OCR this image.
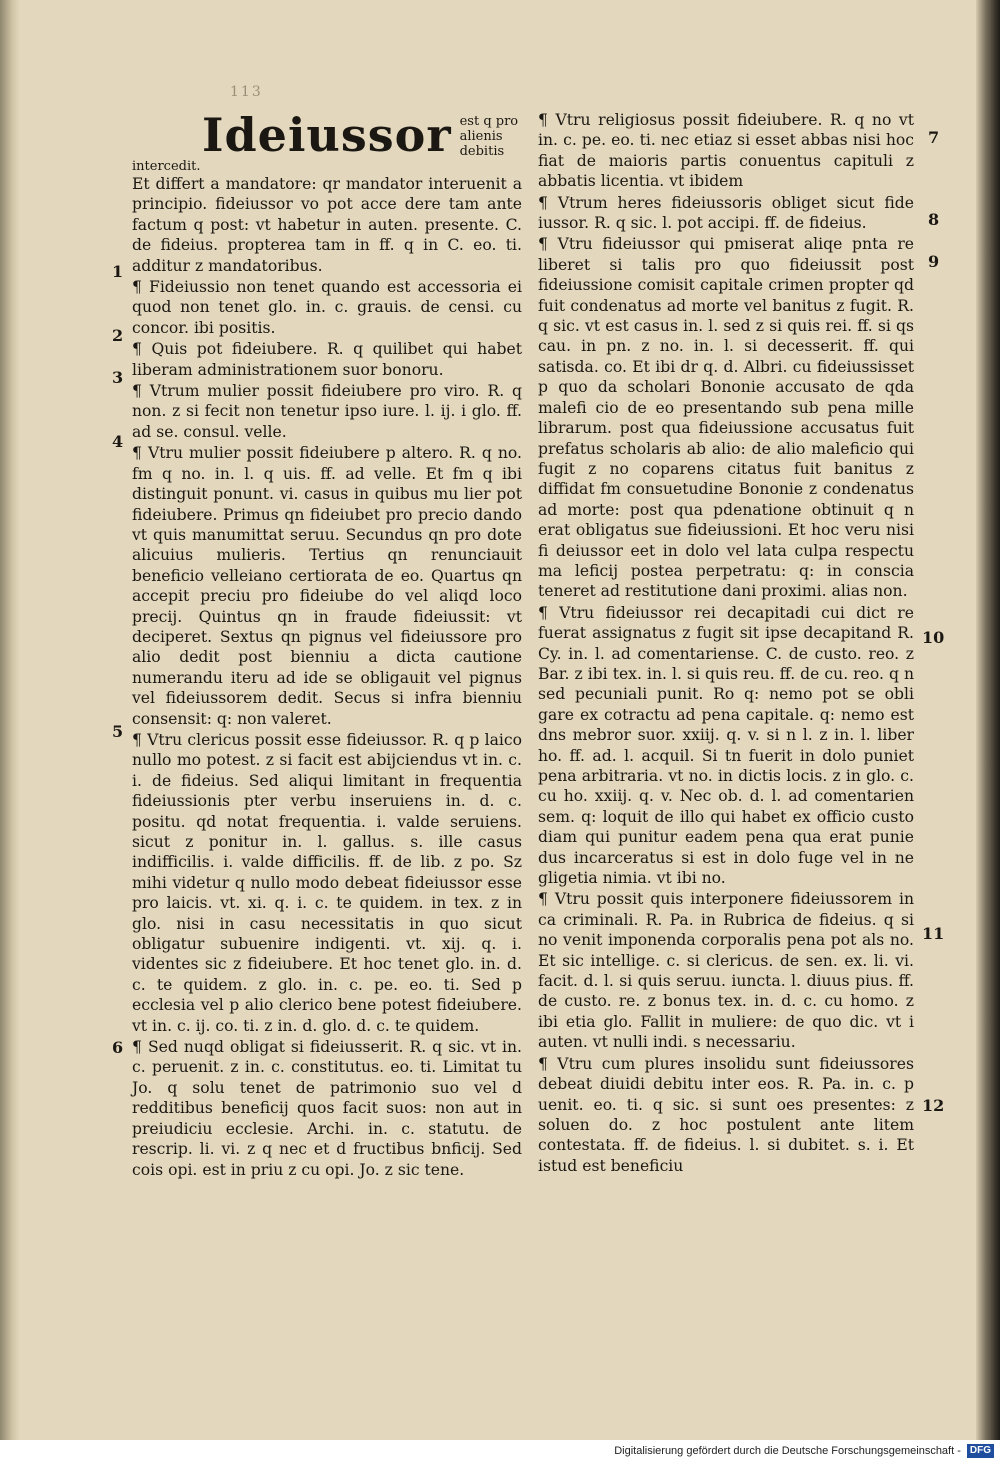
113
Ideiussor est q pro alienis debitis intercedit.

Et differt a mandatore: qr mandator interuenit a principio. fideiussor vo pot acce dere tam ante factum q post: vt habetur in auten. presente. C. de fideius. propterea tam in ff. q in C. eo. ti. additur z mandatoribus.

¶ Fideiussio non tenet quando est accessoria ei quod non tenet glo. in. c. grauis. de censi. cu concor. ibi positis.

¶ Quis pot fideiubere. R. q quilibet qui habet liberam administrationem suor bonoru.

¶ Vtrum mulier possit fideiubere pro viro. R. q non. z si fecit non tenetur ipso iure. l. ij. i glo. ff. ad se. consul. velle.

¶ Vtru mulier possit fideiubere p altero. R. q no. fm q no. in. l. q uis. ff. ad velle. Et fm q ibi distinguit ponunt. vi. casus in quibus mu lier pot fideiubere. Primus qn fideiubet pro precio dando vt quis manumittat seruu. Secundus qn pro dote alicuius mulieris. Tertius qn renunciauit beneficio velleiano certiorata de eo. Quartus qn accepit preciu pro fideiube do vel aliqd loco precij. Quintus qn in fraude fideiussit: vt deciperet. Sextus qn pignus vel fideiussore pro alio dedit post bienniu a dicta cautione numerandu iteru ad ide se obligauit vel pignus vel fideiussorem dedit. Secus si infra bienniu consensit: q: non valeret.

¶ Vtru clericus possit esse fideiussor. R. q p laico nullo mo potest. z si facit est abijciendus vt in. c. i. de fideius. Sed aliqui limitant in frequentia fideiussionis pter verbu inseruiens in. d. c. positu. qd notat frequentia. i. valde seruiens. sicut z ponitur in. l. gallus. s. ille casus indifficilis. i. valde difficilis. ff. de lib. z po. Sz mihi videtur q nullo modo debeat fideiussor esse pro laicis. vt. xi. q. i. c. te quidem. in tex. z in glo. nisi in casu necessitatis in quo sicut obligatur subuenire indigenti. vt. xij. q. i. videntes sic z fideiubere. Et hoc tenet glo. in. d. c. te quidem. z glo. in. c. pe. eo. ti. Sed p ecclesia vel p alio clerico bene potest fideiubere. vt in. c. ij. co. ti. z in. d. glo. d. c. te quidem.

¶ Sed nuqd obligat si fideiusserit. R. q sic. vt in. c. peruenit. z in. c. constitutus. eo. ti. Limitat tu Jo. q solu tenet de patrimonio suo vel d redditibus beneficij quos facit suos: non aut in preiudiciu ecclesie. Archi. in. c. statutu. de rescrip. li. vi. z q nec et d fructibus bnficij. Sed cois opi. est in priu z cu opi. Jo. z sic tene.

¶ Vtru religiosus possit fideiubere. R. q no vt in. c. pe. eo. ti. nec etiaz si esset abbas nisi hoc fiat de maioris partis conuentus capituli z abbatis licentia. vt ibidem

¶ Vtrum heres fideiussoris obliget sicut fide iussor. R. q sic. l. pot accipi. ff. de fideius.

¶ Vtru fideiussor qui pmiserat aliqe pnta re liberet si talis pro quo fideiussit post fideiussione comisit capitale crimen propter qd fuit condenatus ad morte vel banitus z fugit. R. q sic. vt est casus in. l. sed z si quis rei. ff. si qs cau. in pn. z no. in. l. si decesserit. ff. qui satisda. co. Et ibi dr q. d. Albri. cu fideiussisset p quo da scholari Bononie accusato de qda malefi cio de eo presentando sub pena mille librarum. post qua fideiussione accusatus fuit prefatus scholaris ab alio: de alio maleficio qui fugit z no coparens citatus fuit banitus z diffidat fm consuetudine Bononie z condenatus ad morte: post qua pdenatione obtinuit q n erat obligatus sue fideiussioni. Et hoc veru nisi fi deiussor eet in dolo vel lata culpa respectu ma leficij postea perpetratu: q: in conscia teneret ad restitutione dani proximi. alias non.

¶ Vtru fideiussor rei decapitadi cui dict re fuerat assignatus z fugit sit ipse decapitand R. Cy. in. l. ad comentariense. C. de custo. reo. z Bar. z ibi tex. in. l. si quis reu. ff. de cu. reo. q n sed pecuniali punit. Ro q: nemo pot se obli gare ex cotractu ad pena capitale. q: nemo est dns mebror suor. xxiij. q. v. si n l. z in. l. liber ho. ff. ad. l. acquil. Si tn fuerit in dolo puniet pena arbitraria. vt no. in dictis locis. z in glo. c. cu ho. xxiij. q. v. Nec ob. d. l. ad comentarien sem. q: loquit de illo qui habet ex officio custo diam qui punitur eadem pena qua erat punie dus incarceratus si est in dolo fuge vel in ne gligetia nimia. vt ibi no.

¶ Vtru possit quis interponere fideiussorem in ca criminali. R. Pa. in Rubrica de fideius. q si no venit imponenda corporalis pena pot als no. Et sic intellige. c. si clericus. de sen. ex. li. vi. facit. d. l. si quis seruu. iuncta. l. diuus pius. ff. de custo. re. z bonus tex. in. d. c. cu homo. z ibi etia glo. Fallit in muliere: de quo dic. vt i auten. vt nulli indi. s necessariu.

¶ Vtru cum plures insolidu sunt fideiussores debeat diuidi debitu inter eos. R. Pa. in. c. p uenit. eo. ti. q sic. si sunt oes presentes: z soluen do. z hoc postulent ante litem contestata. ff. de fideius. l. si dubitet. s. i. Et istud est beneficiu

1
2
3
4
5
6
7
8
9
10
11
12
Digitalisierung gefördert durch die Deutsche Forschungsgemeinschaft - DFG
